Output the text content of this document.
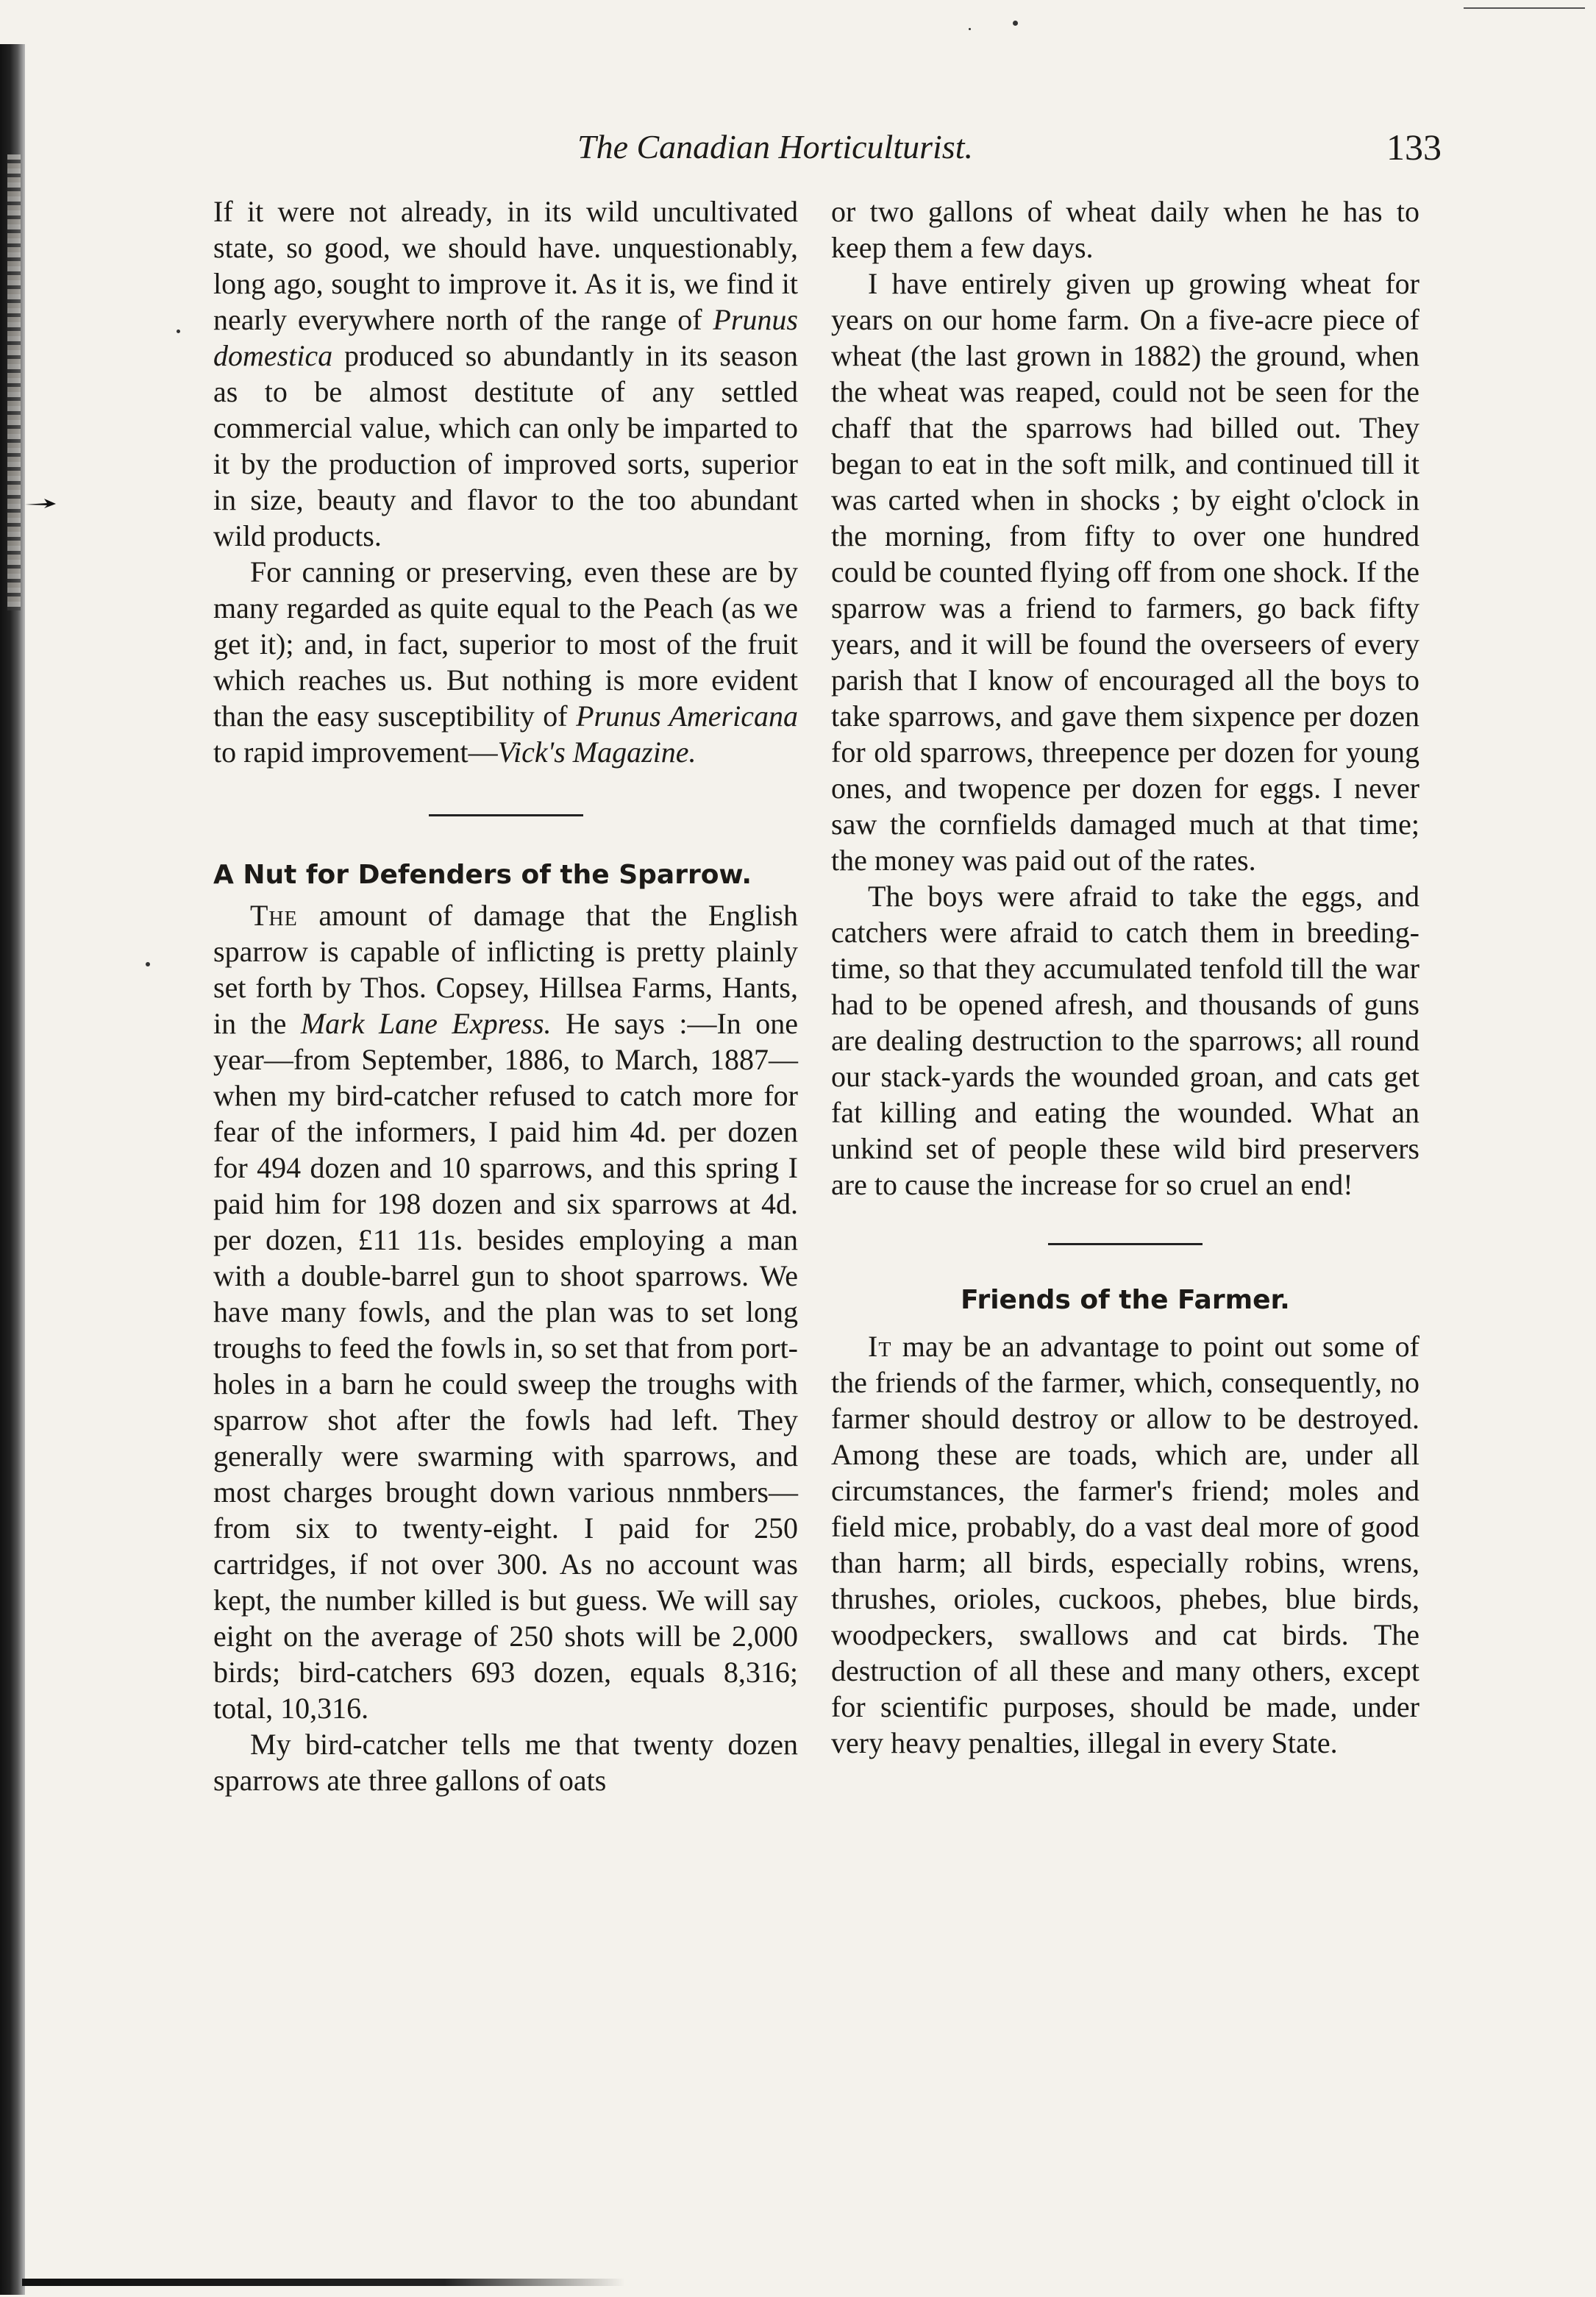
The Canadian Horticulturist.	133

If it were not already, in its wild uncultivated state, so good, we should have. unquestionably, long ago, sought to improve it. As it is, we find it nearly everywhere north of the range of Prunus domestica produced so abundantly in its season as to be almost destitute of any settled commercial value, which can only be imparted to it by the production of improved sorts, superior in size, beauty and flavor to the too abundant wild products.

For canning or preserving, even these are by many regarded as quite equal to the Peach (as we get it); and, in fact, superior to most of the fruit which reaches us. But nothing is more evident than the easy susceptibility of Prunus Americana to rapid improvement—Vick's Magazine.

A Nut for Defenders of the Sparrow.

The amount of damage that the English sparrow is capable of inflicting is pretty plainly set forth by Thos. Copsey, Hillsea Farms, Hants, in the Mark Lane Express. He says :—In one year—from September, 1886, to March, 1887—when my bird-catcher refused to catch more for fear of the informers, I paid him 4d. per dozen for 494 dozen and 10 sparrows, and this spring I paid him for 198 dozen and six sparrows at 4d. per dozen, £11 11s. besides employing a man with a double-barrel gun to shoot sparrows. We have many fowls, and the plan was to set long troughs to feed the fowls in, so set that from port-holes in a barn he could sweep the troughs with sparrow shot after the fowls had left. They generally were swarming with sparrows, and most charges brought down various nnmbers—from six to twenty-eight. I paid for 250 cartridges, if not over 300. As no account was kept, the number killed is but guess. We will say eight on the average of 250 shots will be 2,000 birds; bird-catchers 693 dozen, equals 8,316; total, 10,316.

My bird-catcher tells me that twenty dozen sparrows ate three gallons of oats

or two gallons of wheat daily when he has to keep them a few days.

I have entirely given up growing wheat for years on our home farm. On a five-acre piece of wheat (the last grown in 1882) the ground, when the wheat was reaped, could not be seen for the chaff that the sparrows had billed out. They began to eat in the soft milk, and continued till it was carted when in shocks ; by eight o'clock in the morning, from fifty to over one hundred could be counted flying off from one shock. If the sparrow was a friend to farmers, go back fifty years, and it will be found the overseers of every parish that I know of encouraged all the boys to take sparrows, and gave them sixpence per dozen for old sparrows, threepence per dozen for young ones, and twopence per dozen for eggs. I never saw the cornfields damaged much at that time; the money was paid out of the rates.

The boys were afraid to take the eggs, and catchers were afraid to catch them in breeding-time, so that they accumulated tenfold till the war had to be opened afresh, and thousands of guns are dealing destruction to the sparrows; all round our stack-yards the wounded groan, and cats get fat killing and eating the wounded. What an unkind set of people these wild bird preservers are to cause the increase for so cruel an end!

Friends of the Farmer.

It may be an advantage to point out some of the friends of the farmer, which, consequently, no farmer should destroy or allow to be destroyed. Among these are toads, which are, under all circumstances, the farmer's friend; moles and field mice, probably, do a vast deal more of good than harm; all birds, especially robins, wrens, thrushes, orioles, cuckoos, phebes, blue birds, woodpeckers, swallows and cat birds. The destruction of all these and many others, except for scientific purposes, should be made, under very heavy penalties, illegal in every State.
